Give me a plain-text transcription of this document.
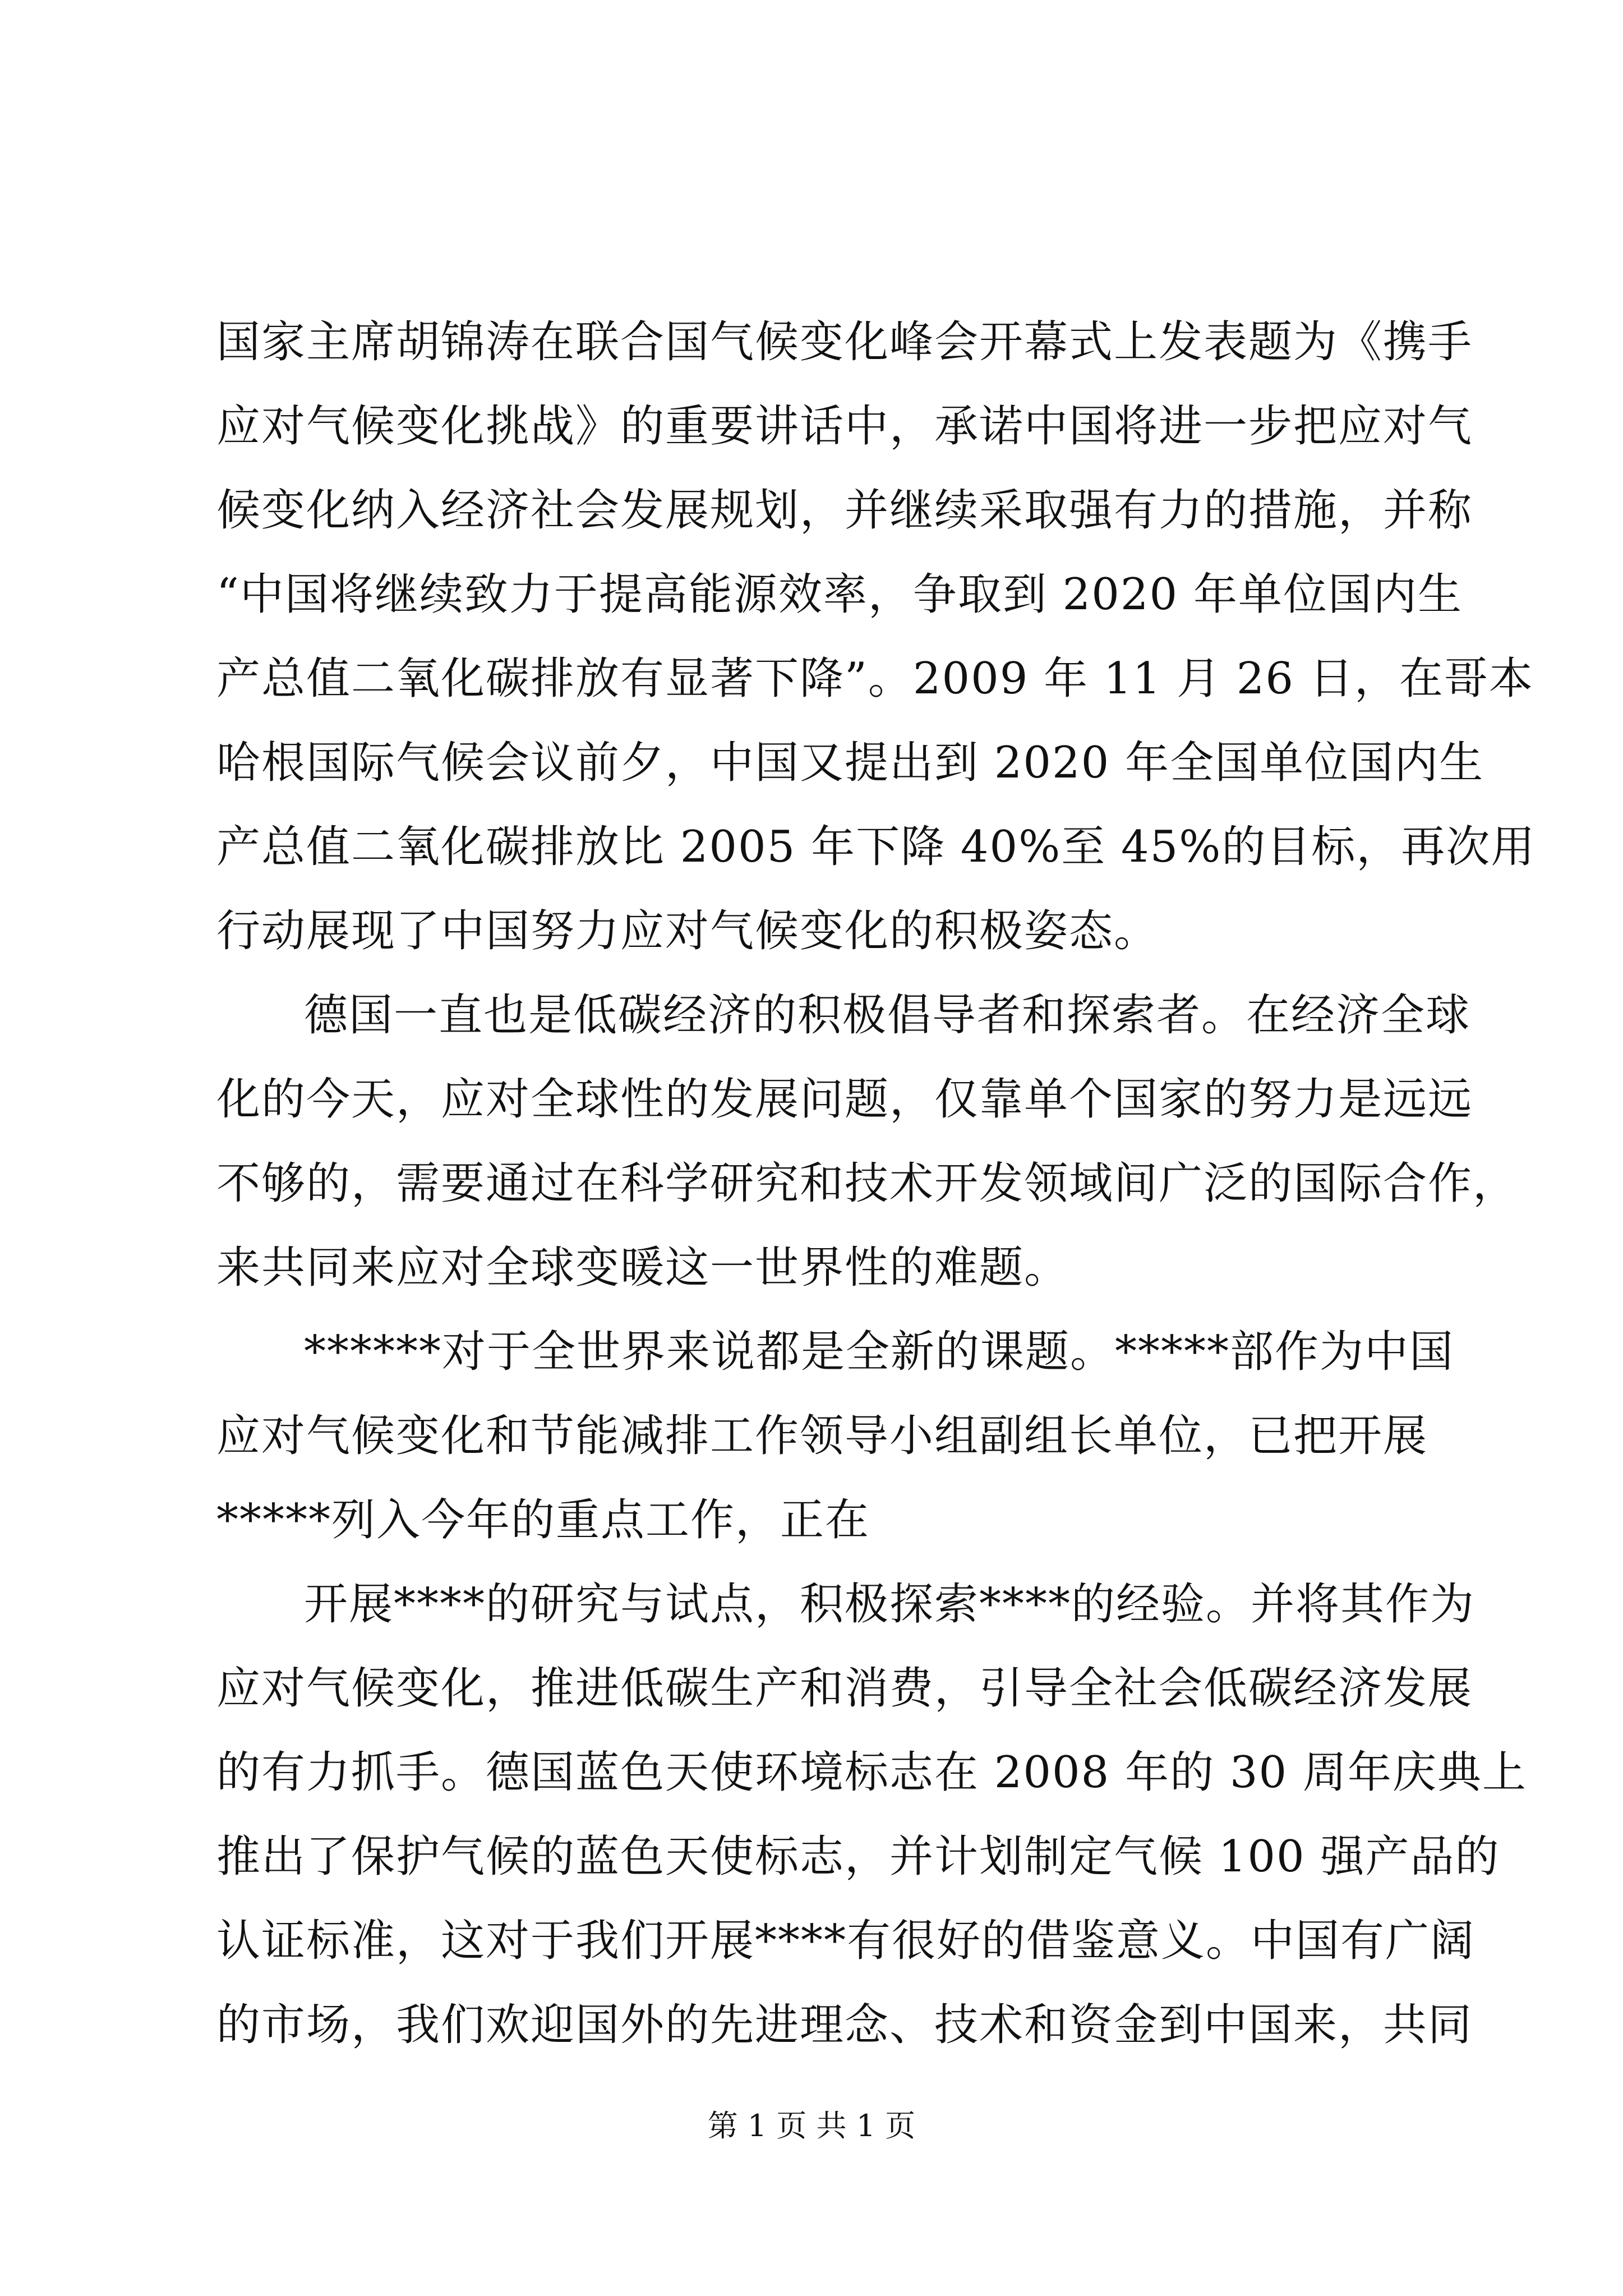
国家主席胡锦涛在联合国气候变化峰会开幕式上发表题为《携手
应对气候变化挑战》的重要讲话中，承诺中国将进一步把应对气
候变化纳入经济社会发展规划，并继续采取强有力的措施，并称
“中国将继续致力于提高能源效率，争取到 2020 年单位国内生
产总值二氧化碳排放有显著下降”。2009 年 11 月 26 日，在哥本
哈根国际气候会议前夕，中国又提出到 2020 年全国单位国内生
产总值二氧化碳排放比 2005 年下降 40%至 45%的目标，再次用
行动展现了中国努力应对气候变化的积极姿态。
德国一直也是低碳经济的积极倡导者和探索者。在经济全球
化的今天，应对全球性的发展问题，仅靠单个国家的努力是远远
不够的，需要通过在科学研究和技术开发领域间广泛的国际合作，
来共同来应对全球变暖这一世界性的难题。
******对于全世界来说都是全新的课题。*****部作为中国
应对气候变化和节能减排工作领导小组副组长单位，已把开展
*****列入今年的重点工作，正在
开展****的研究与试点，积极探索****的经验。并将其作为
应对气候变化，推进低碳生产和消费，引导全社会低碳经济发展
的有力抓手。德国蓝色天使环境标志在 2008 年的 30 周年庆典上
推出了保护气候的蓝色天使标志，并计划制定气候 100 强产品的
认证标准，这对于我们开展****有很好的借鉴意义。中国有广阔
的市场，我们欢迎国外的先进理念、技术和资金到中国来，共同
第 1 页 共 1 页
